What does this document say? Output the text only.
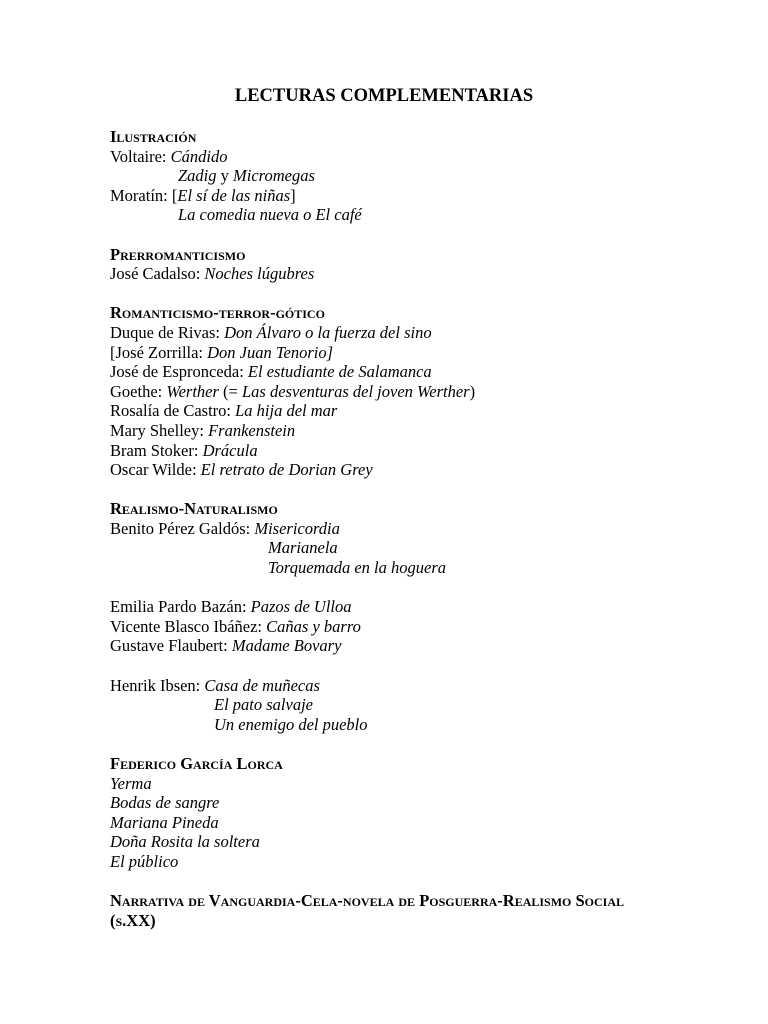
LECTURAS COMPLEMENTARIAS
Ilustración
Voltaire: Cándido
Zadig y Micromegas
Moratín: [El sí de las niñas]
La comedia nueva o El café
Prerromanticismo
José Cadalso: Noches lúgubres
Romanticismo-terror-gótico
Duque de Rivas: Don Álvaro o la fuerza del sino
[José Zorrilla: Don Juan Tenorio]
José de Espronceda: El estudiante de Salamanca
Goethe: Werther (= Las desventuras del joven Werther)
Rosalía de Castro: La hija del mar
Mary Shelley: Frankenstein
Bram Stoker: Drácula
Oscar Wilde: El retrato de Dorian Grey
Realismo-Naturalismo
Benito Pérez Galdós: Misericordia
Marianela
Torquemada en la hoguera
Emilia Pardo Bazán: Pazos de Ulloa
Vicente Blasco Ibáñez: Cañas y barro
Gustave Flaubert: Madame Bovary
Henrik Ibsen: Casa de muñecas
El pato salvaje
Un enemigo del pueblo
Federico García Lorca
Yerma
Bodas de sangre
Mariana Pineda
Doña Rosita la soltera
El público
Narrativa de Vanguardia-Cela-novela de Posguerra-Realismo Social (s.XX)
